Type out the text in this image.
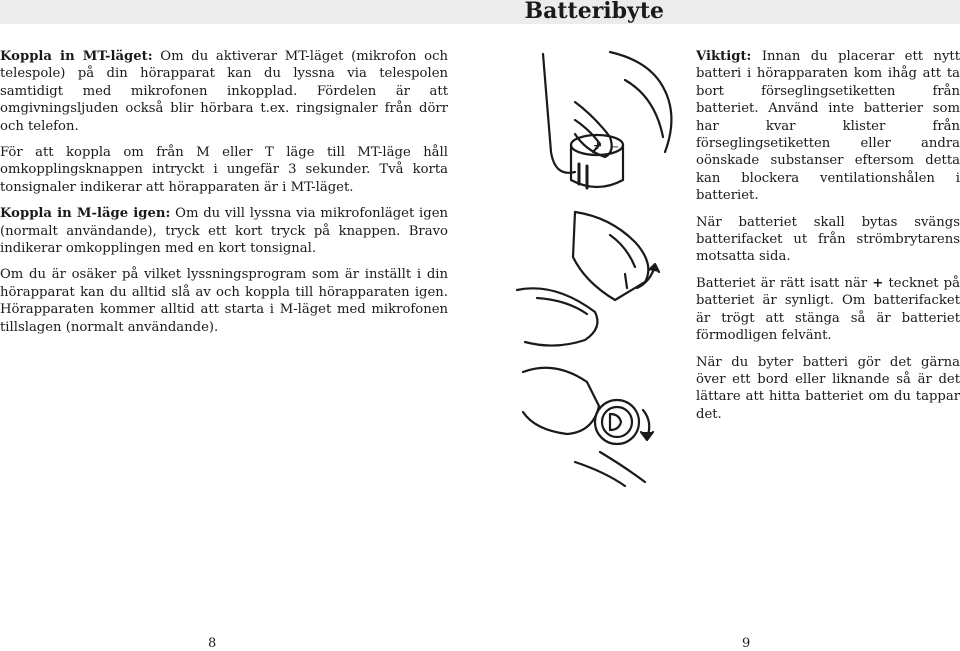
Batteribyte

Koppla in MT-läget: Om du aktiverar MT-läget (mikrofon och telespole) på din hörapparat kan du lyssna via telespolen samtidigt med mikrofonen inkopplad. Fördelen är att omgivningsljuden också blir hörbara t.ex. ringsignaler från dörr och telefon.

För att koppla om från M eller T läge till MT-läge håll omkopplingsknappen intryckt i ungefär 3 sekunder. Två korta tonsignaler indikerar att hörapparaten är i MT-läget.

Koppla in M-läge igen: Om du vill lyssna via mikrofonläget igen (normalt användande), tryck ett kort tryck på knappen. Bravo indikerar omkopplingen med en kort tonsignal.

Om du är osäker på vilket lyssningsprogram som är inställt i din hörapparat kan du alltid slå av och koppla till hörapparaten igen. Hörapparaten kommer alltid att starta i M-läget med mikrofonen tillslagen (normalt användande).

+ −

Viktigt: Innan du placerar ett nytt batteri i hörapparaten kom ihåg att ta bort förseglingsetiketten från batteriet. Använd inte batterier som har kvar klister från förseglingsetiketten eller andra oönskade substanser eftersom detta kan blockera ventilationshålen i batteriet.

När batteriet skall bytas svängs batterifacket ut från strömbrytarens motsatta sida.

Batteriet är rätt isatt när + tecknet på batteriet är synligt. Om batterifacket är trögt att stänga så är batteriet förmodligen felvänt.

När du byter batteri gör det gärna över ett bord eller liknande så är det lättare att hitta batteriet om du tappar det.

8	9
